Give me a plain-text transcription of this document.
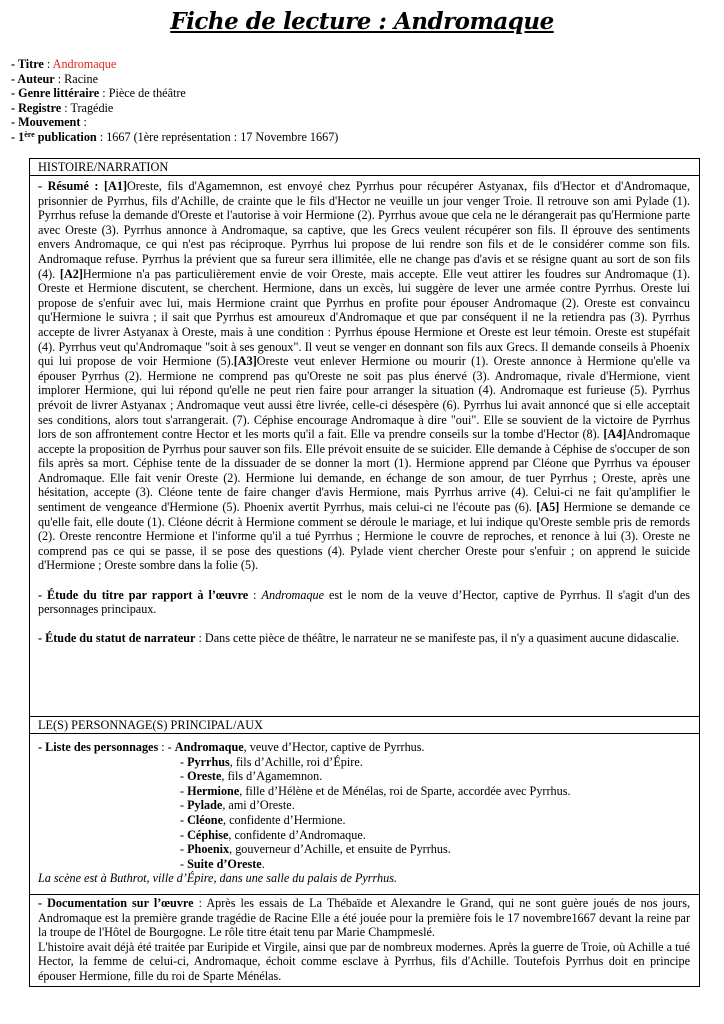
Fiche de lecture : Andromaque
- Titre : Andromaque
- Auteur : Racine
- Genre littéraire : Pièce de théâtre
- Registre : Tragédie
- Mouvement :
- 1ère publication : 1667 (1ère représentation : 17 Novembre 1667)
HISTOIRE/NARRATION

- Résumé : [A1]Oreste, fils d'Agamemnon, est envoyé chez Pyrrhus pour récupérer Astyanax, fils d'Hector et d'Andromaque, prisonnier de Pyrrhus, fils d'Achille, de crainte que le fils d'Hector ne veuille un jour venger Troie. Il retrouve son ami Pylade (1). Pyrrhus refuse la demande d'Oreste et l'autorise à voir Hermione (2). Pyrrhus avoue que cela ne le dérangerait pas qu'Hermione parte avec Oreste (3). Pyrrhus annonce à Andromaque, sa captive, que les Grecs veulent récupérer son fils. Il éprouve des sentiments envers Andromaque, ce qui n'est pas réciproque. Pyrrhus lui propose de lui rendre son fils et de le considérer comme son fils. Andromaque refuse. Pyrrhus la prévient que sa fureur sera illimitée, elle ne change pas d'avis et se résigne quant au sort de son fils (4). [A2]Hermione n'a pas particulièrement envie de voir Oreste, mais accepte. Elle veut attirer les foudres sur Andromaque (1). Oreste et Hermione discutent, se cherchent. Hermione, dans un excès, lui suggère de lever une armée contre Pyrrhus. Oreste lui propose de s'enfuir avec lui, mais Hermione craint que Pyrrhus en profite pour épouser Andromaque (2). Oreste est convaincu qu'Hermione le suivra ; il sait que Pyrrhus est amoureux d'Andromaque et que par conséquent il ne la retiendra pas (3). Pyrrhus accepte de livrer Astyanax à Oreste, mais à une condition : Pyrrhus épouse Hermione et Oreste est leur témoin. Oreste est stupéfait (4). Pyrrhus veut qu'Andromaque "soit à ses genoux". Il veut se venger en donnant son fils aux Grecs. Il demande conseils à Phoenix qui lui propose de voir Hermione (5).[A3]Oreste veut enlever Hermione ou mourir (1). Oreste annonce à Hermione qu'elle va épouser Pyrrhus (2). Hermione ne comprend pas qu'Oreste ne soit pas plus énervé (3). Andromaque, rivale d'Hermione, vient implorer Hermione, qui lui répond qu'elle ne peut rien faire pour arranger la situation (4). Andromaque est furieuse (5). Pyrrhus prévoit de livrer Astyanax ; Andromaque veut aussi être livrée, celle-ci désespère (6). Pyrrhus lui avait annoncé que si elle acceptait ses conditions, alors tout s'arrangerait. (7). Céphise encourage Andromaque à dire "oui". Elle se souvient de la victoire de Pyrrhus lors de son affrontement contre Hector et les morts qu'il a fait. Elle va prendre conseils sur la tombe d'Hector (8). [A4]Andromaque accepte la proposition de Pyrrhus pour sauver son fils. Elle prévoit ensuite de se suicider. Elle demande à Céphise de s'occuper de son fils après sa mort. Céphise tente de la dissuader de se donner la mort (1). Hermione apprend par Cléone que Pyrrhus va épouser Andromaque. Elle fait venir Oreste (2). Hermione lui demande, en échange de son amour, de tuer Pyrrhus ; Oreste, après une hésitation, accepte (3). Cléone tente de faire changer d'avis Hermione, mais Pyrrhus arrive (4). Celui-ci ne fait qu'amplifier le sentiment de vengeance d'Hermione (5). Phoenix avertit Pyrrhus, mais celui-ci ne l'écoute pas (6). [A5] Hermione se demande ce qu'elle fait, elle doute (1). Cléone décrit à Hermione comment se déroule le mariage, et lui indique qu'Oreste semble pris de remords (2). Oreste rencontre Hermione et l'informe qu'il a tué Pyrrhus ; Hermione le couvre de reproches, et renonce à lui (3). Oreste ne comprend pas ce qui se passe, il se pose des questions (4). Pylade vient chercher Oreste pour s'enfuir ; on apprend le suicide d'Hermione ; Oreste sombre dans la folie (5).

- Étude du titre par rapport à l’œuvre : Andromaque est le nom de la veuve d’Hector, captive de Pyrrhus. Il s'agit d'un des personnages principaux.

- Étude du statut de narrateur : Dans cette pièce de théâtre, le narrateur ne se manifeste pas, il n'y a quasiment aucune didascalie.

LE(S) PERSONNAGE(S) PRINCIPAL/AUX
- Liste des personnages : - Andromaque, veuve d’Hector, captive de Pyrrhus.
- Pyrrhus, fils d’Achille, roi d’Épire.
- Oreste, fils d’Agamemnon.
- Hermione, fille d’Hélène et de Ménélas, roi de Sparte, accordée avec Pyrrhus.
- Pylade, ami d’Oreste.
- Cléone, confidente d’Hermione.
- Céphise, confidente d’Andromaque.
- Phoenix, gouverneur d’Achille, et ensuite de Pyrrhus.
- Suite d’Oreste.

La scène est à Buthrot, ville d’Épire, dans une salle du palais de Pyrrhus.

- Documentation sur l’œuvre : Après les essais de La Thébaïde et Alexandre le Grand, qui ne sont guère joués de nos jours, Andromaque est la première grande tragédie de Racine Elle a été jouée pour la première fois le 17 novembre1667 devant la reine par la troupe de l'Hôtel de Bourgogne. Le rôle titre était tenu par Marie Champmeslé.

L'histoire avait déjà été traitée par Euripide et Virgile, ainsi que par de nombreux modernes. Après la guerre de Troie, où Achille a tué Hector, la femme de celui-ci, Andromaque, échoit comme esclave à Pyrrhus, fils d'Achille. Toutefois Pyrrhus doit en principe épouser Hermione, fille du roi de Sparte Ménélas.
